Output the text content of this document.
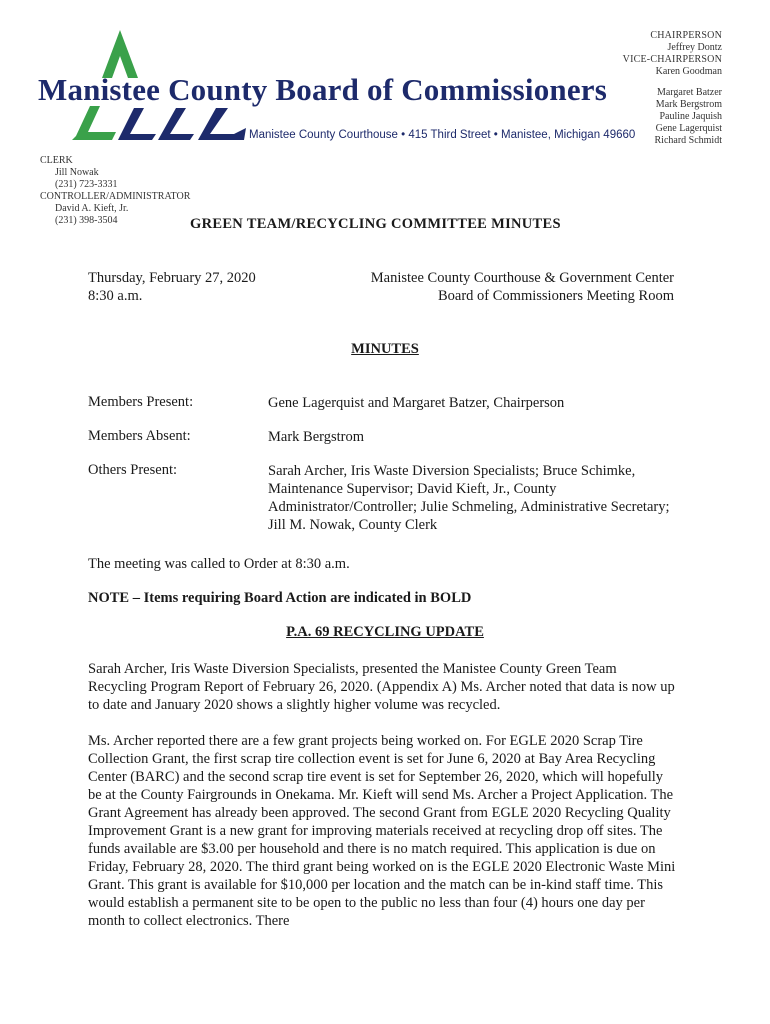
Manistee County Board of Commissioners
Manistee County Courthouse • 415 Third Street • Manistee, Michigan 49660
CHAIRPERSON
Jeffrey Dontz
VICE-CHAIRPERSON
Karen Goodman
Margaret Batzer
Mark Bergstrom
Pauline Jaquish
Gene Lagerquist
Richard Schmidt
CLERK
Jill Nowak
(231) 723-3331
CONTROLLER/ADMINISTRATOR
David A. Kieft, Jr.
(231) 398-3504	GREEN TEAM/RECYCLING COMMITTEE MINUTES
Thursday, February 27, 2020
8:30 a.m.
Manistee County Courthouse & Government Center
Board of Commissioners Meeting Room
MINUTES
Members Present:	Gene Lagerquist and Margaret Batzer, Chairperson
Members Absent:	Mark Bergstrom
Others Present:	Sarah Archer, Iris Waste Diversion Specialists; Bruce Schimke, Maintenance Supervisor; David Kieft, Jr., County Administrator/Controller; Julie Schmeling, Administrative Secretary; Jill M. Nowak, County Clerk
The meeting was called to Order at 8:30 a.m.
NOTE – Items requiring Board Action are indicated in BOLD
P.A. 69 RECYCLING UPDATE
Sarah Archer, Iris Waste Diversion Specialists, presented the Manistee County Green Team Recycling Program Report of February 26, 2020. (Appendix A) Ms. Archer noted that data is now up to date and January 2020 shows a slightly higher volume was recycled.
Ms. Archer reported there are a few grant projects being worked on. For EGLE 2020 Scrap Tire Collection Grant, the first scrap tire collection event is set for June 6, 2020 at Bay Area Recycling Center (BARC) and the second scrap tire event is set for September 26, 2020, which will hopefully be at the County Fairgrounds in Onekama. Mr. Kieft will send Ms. Archer a Project Application. The Grant Agreement has already been approved. The second Grant from EGLE 2020 Recycling Quality Improvement Grant is a new grant for improving materials received at recycling drop off sites. The funds available are $3.00 per household and there is no match required. This application is due on Friday, February 28, 2020. The third grant being worked on is the EGLE 2020 Electronic Waste Mini Grant. This grant is available for $10,000 per location and the match can be in-kind staff time. This would establish a permanent site to be open to the public no less than four (4) hours one day per month to collect electronics. There
